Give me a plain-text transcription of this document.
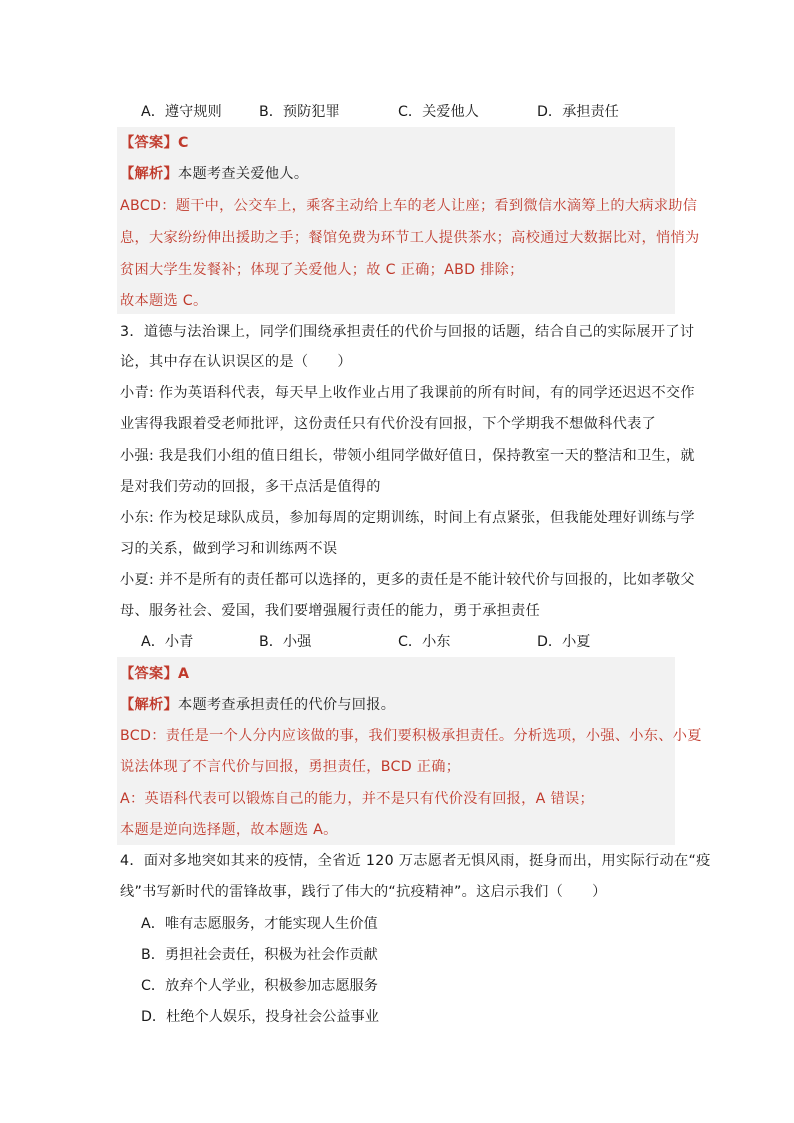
A．遵守规则	B．预防犯罪	C．关爱他人	D．承担责任
【答案】C
【解析】本题考查关爱他人。
ABCD：题干中，公交车上，乘客主动给上车的老人让座；看到微信水滴筹上的大病求助信
息，大家纷纷伸出援助之手；餐馆免费为环节工人提供茶水；高校通过大数据比对，悄悄为
贫困大学生发餐补；体现了关爱他人；故 C 正确；ABD 排除；
故本题选 C。
3．道德与法治课上，同学们围绕承担责任的代价与回报的话题，结合自己的实际展开了讨
论，其中存在认识误区的是（　　）
小青: 作为英语科代表，每天早上收作业占用了我课前的所有时间，有的同学还迟迟不交作
业害得我跟着受老师批评，这份责任只有代价没有回报，下个学期我不想做科代表了
小强: 我是我们小组的值日组长，带领小组同学做好值日，保持教室一天的整洁和卫生，就
是对我们劳动的回报，多干点活是值得的
小东: 作为校足球队成员，参加每周的定期训练，时间上有点紧张，但我能处理好训练与学
习的关系，做到学习和训练两不误
小夏: 并不是所有的责任都可以选择的，更多的责任是不能计较代价与回报的，比如孝敬父
母、服务社会、爱国，我们要增强履行责任的能力，勇于承担责任
A．小青	B．小强	C．小东	D．小夏
【答案】A
【解析】本题考查承担责任的代价与回报。
BCD：责任是一个人分内应该做的事，我们要积极承担责任。分析选项，小强、小东、小夏
说法体现了不言代价与回报，勇担责任，BCD 正确；
A：英语科代表可以锻炼自己的能力，并不是只有代价没有回报，A 错误；
本题是逆向选择题，故本题选 A。
4．面对多地突如其来的疫情，全省近 120 万志愿者无惧风雨，挺身而出，用实际行动在“疫
线”书写新时代的雷锋故事，践行了伟大的“抗疫精神”。这启示我们（　　）
A．唯有志愿服务，才能实现人生价值
B．勇担社会责任，积极为社会作贡献
C．放弃个人学业，积极参加志愿服务
D．杜绝个人娱乐，投身社会公益事业
